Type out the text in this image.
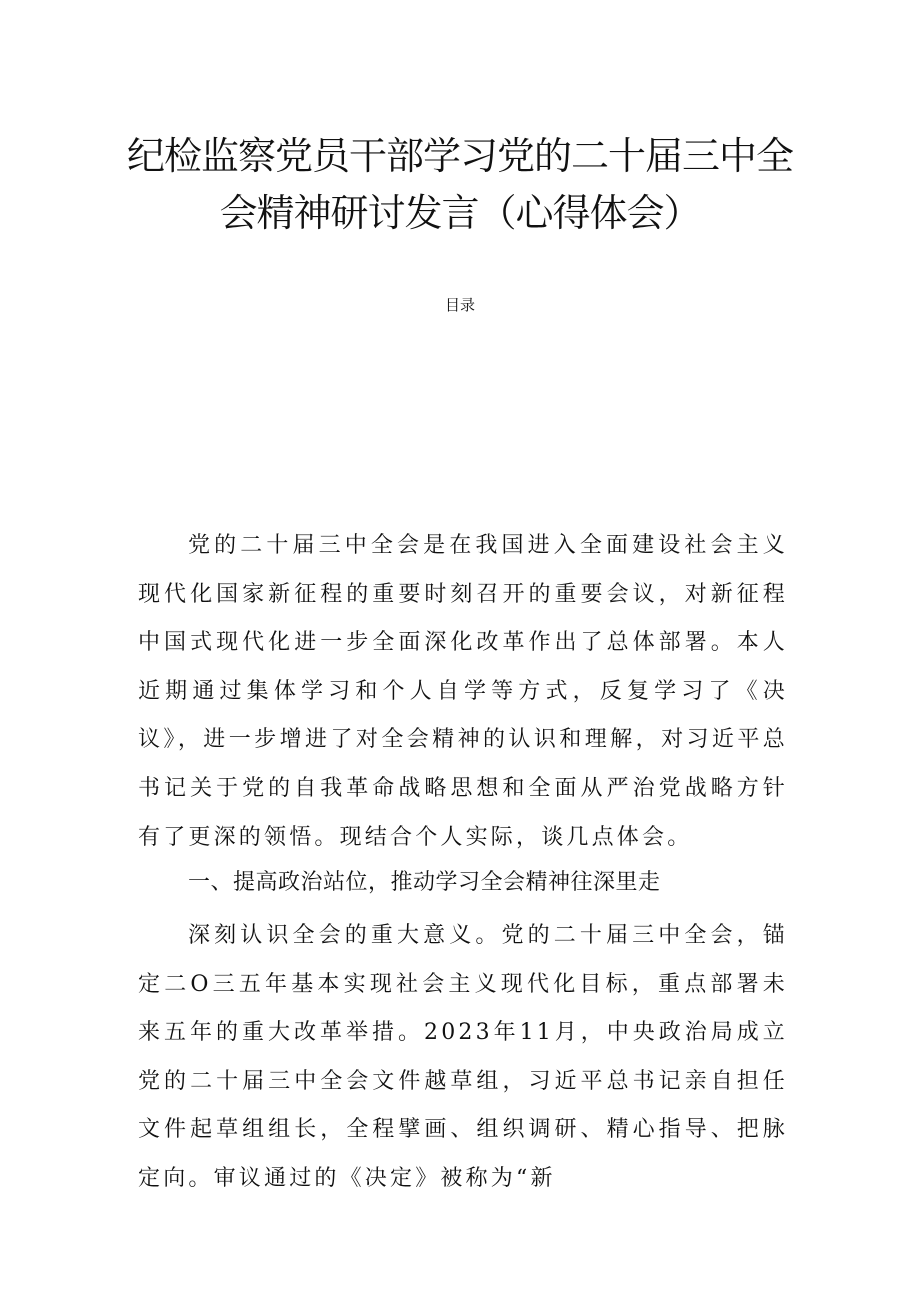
纪检监察党员干部学习党的二十届三中全
会精神研讨发言（心得体会）
目录

党的二十届三中全会是在我国进入全面建设社会主义现代化国家新征程的重要时刻召开的重要会议，对新征程中国式现代化进一步全面深化改革作出了总体部署。本人近期通过集体学习和个人自学等方式，反复学习了《决议》，进一步增进了对全会精神的认识和理解，对习近平总书记关于党的自我革命战略思想和全面从严治党战略方针有了更深的领悟。现结合个人实际，谈几点体会。

一、提高政治站位，推动学习全会精神往深里走

深刻认识全会的重大意义。党的二十届三中全会，锚定二O三五年基本实现社会主义现代化目标，重点部署未来五年的重大改革举措。2023年11月，中央政治局成立党的二十届三中全会文件越草组，习近平总书记亲自担任文件起草组组长，全程擘画、组织调研、精心指导、把脉定向。审议通过的《决定》被称为“新
